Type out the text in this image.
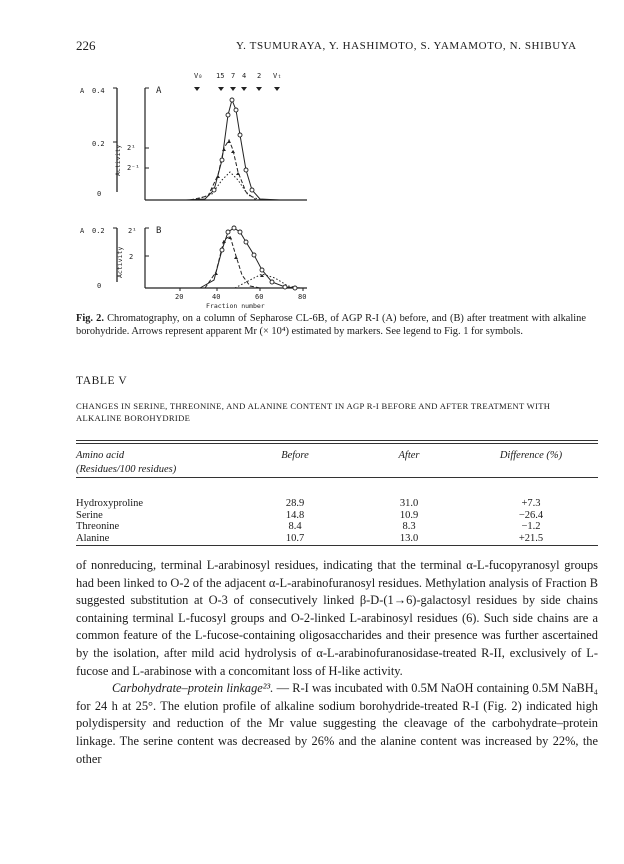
226	Y. TSUMURAYA, Y. HASHIMOTO, S. YAMAMOTO, N. SHIBUYA
V₀ 15 7 4 2 Vₜ
A 0.4
0.2
0
A
2¹
2⁻¹
Activity
A 0.2
0
2¹
2
B
Activity
20	40	60	80
Fraction number
Fig. 2. Chromatography, on a column of Sepharose CL-6B, of AGP R-I (A) before, and (B) after treatment with alkaline borohydride. Arrows represent apparent Mr (× 10⁴) estimated by markers. See legend to Fig. 1 for symbols.
TABLE V
CHANGES IN SERINE, THREONINE, AND ALANINE CONTENT IN AGP R-I BEFORE AND AFTER TREATMENT WITH ALKALINE BOROHYDRIDE
Amino acid	Before	After	Difference (%)
(Residues/100 residues)			

Hydroxyproline	28.9	31.0	+7.3
Serine	14.8	10.9	−26.4
Threonine	8.4	8.3	−1.2
Alanine	10.7	13.0	+21.5

of nonreducing, terminal L-arabinosyl residues, indicating that the terminal α-L-fucopyranosyl groups had been linked to O-2 of the adjacent α-L-arabinofuranosyl residues. Methylation analysis of Fraction B suggested substitution at O-3 of consecutively linked β-D-(1→6)-galactosyl residues by side chains containing terminal L-fucosyl groups and O-2-linked L-arabinosyl residues (6). Such side chains are a common feature of the L-fucose-containing oligosaccharides and their presence was further ascertained by the isolation, after mild acid hydrolysis of α-L-arabinofuranosidase-treated R-II, exclusively of L-fucose and L-arabinose with a concomitant loss of H-like activity.

Carbohydrate–protein linkage²³. — R-I was incubated with 0.5M NaOH containing 0.5M NaBH₄ for 24 h at 25°. The elution profile of alkaline sodium borohydride-treated R-I (Fig. 2) indicated high polydispersity and reduction of the Mr value suggesting the cleavage of the carbohydrate–protein linkage. The serine content was decreased by 26% and the alanine content was increased by 22%, the other
